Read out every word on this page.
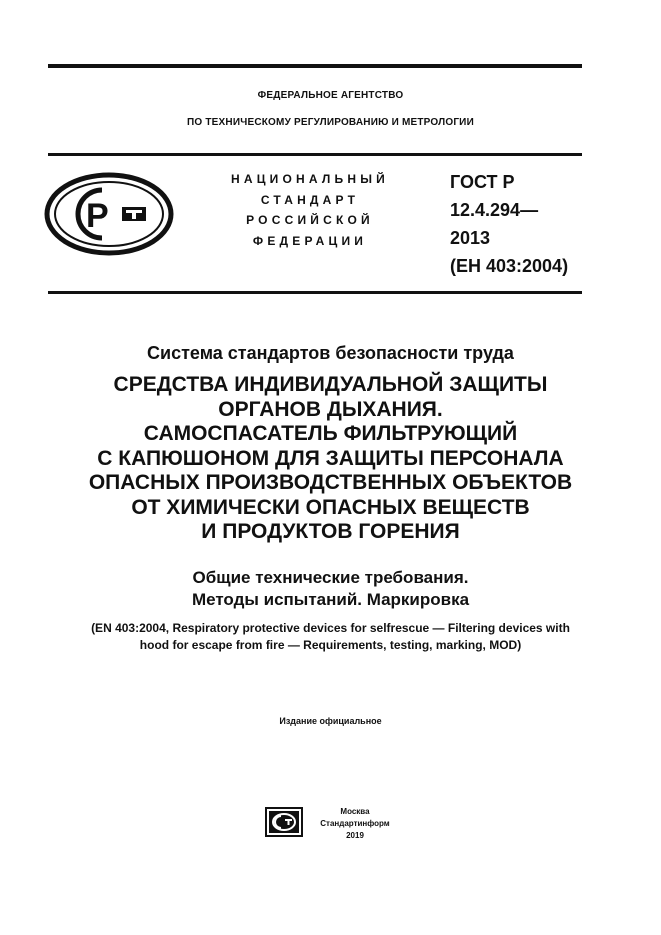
ФЕДЕРАЛЬНОЕ АГЕНТСТВО
ПО ТЕХНИЧЕСКОМУ РЕГУЛИРОВАНИЮ И МЕТРОЛОГИИ
Р
НАЦИОНАЛЬНЫЙ
СТАНДАРТ
РОССИЙСКОЙ
ФЕДЕРАЦИИ
ГОСТ Р
12.4.294—
2013
(ЕН 403:2004)
Система стандартов безопасности труда
СРЕДСТВА ИНДИВИДУАЛЬНОЙ ЗАЩИТЫ
ОРГАНОВ ДЫХАНИЯ.
САМОСПАСАТЕЛЬ ФИЛЬТРУЮЩИЙ
С КАПЮШОНОМ ДЛЯ ЗАЩИТЫ ПЕРСОНАЛА
ОПАСНЫХ ПРОИЗВОДСТВЕННЫХ ОБЪЕКТОВ
ОТ ХИМИЧЕСКИ ОПАСНЫХ ВЕЩЕСТВ
И ПРОДУКТОВ ГОРЕНИЯ
Общие технические требования.
Методы испытаний. Маркировка
(EN 403:2004, Respiratory protective devices for selfrescue — Filtering devices with
hood for escape from fire — Requirements, testing, marking, MOD)
Издание официальное
Москва
Стандартинформ
2019
